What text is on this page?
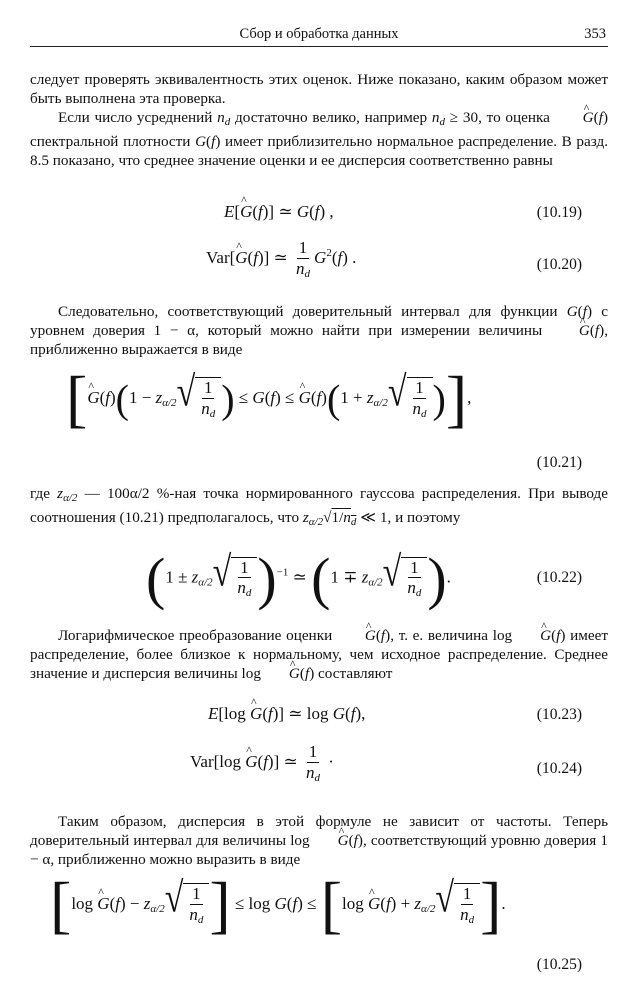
Сбор и обработка данных	353
следует проверять эквивалентность этих оценок. Ниже показано, каким образом может быть выполнена эта проверка.
Если число усреднений $n_d$ достаточно велико, например $n_d \ge 30$, то оценка ^ G(f) спектральной плотности G(f) имеет приблизительно нормальное распределение. В разд. 8.5 показано, что среднее значение оценки и ее дисперсия соответственно равны
E[^ G(f)] ≃ G(f) ,	(10.19)
Var[^ G(f)] ≃ $\frac{1}{n_d} G^2(f)$ .	(10.20)
Следовательно, соответствующий доверительный интервал для функции G(f) с уровнем доверия 1 − α, который можно найти при измерении величины ^ G(f), приближенно выражается в виде
[^ $G(f)(1 - z_{\alpha/2}$ √ 1
$n_d$ ) ≤ G(f) ≤ ^ $G(f)(1 + z_{\alpha/2}$ √ 1
$n_d$ )],
(10.21)
где $z_{\alpha/2}$ — 100α/2 %-ная точка нормированного гауссова распределения. При выводе соотношения (10.21) предполагалось, что $z_{\alpha/2}√1/n_d$ ≪ 1, и поэтому
($1 \pm z_{\alpha/2}$ √ 1
$n_d$ )$^{-1}$ ≃ ($1 \mp z_{\alpha/2}$ √ 1
$n_d$ ).	(10.22)
Логарифмическое преобразование оценки ^ G(f), т. е. величина log ^ G(f) имеет распределение, более близкое к нормальному, чем исходное распределение. Среднее значение и дисперсия величины log ^ G(f) составляют
E[log ^ G(f)] ≃ log G(f),	(10.23)
Var[log ^ G(f)] ≃ $\frac{1}{n_d}$ ·	(10.24)
Таким образом, дисперсия в этой формуле не зависит от частоты. Теперь доверительный интервал для величины log ^ G(f), соответствующий уровню доверия 1 − α, приближенно можно выразить в виде
[log ^ $G(f) - z_{\alpha/2}$ √ 1
$n_d$ ] ≤ log G(f) ≤ [log ^ $G(f) + z_{\alpha/2}$ √ 1
$n_d$ ].
(10.25)
